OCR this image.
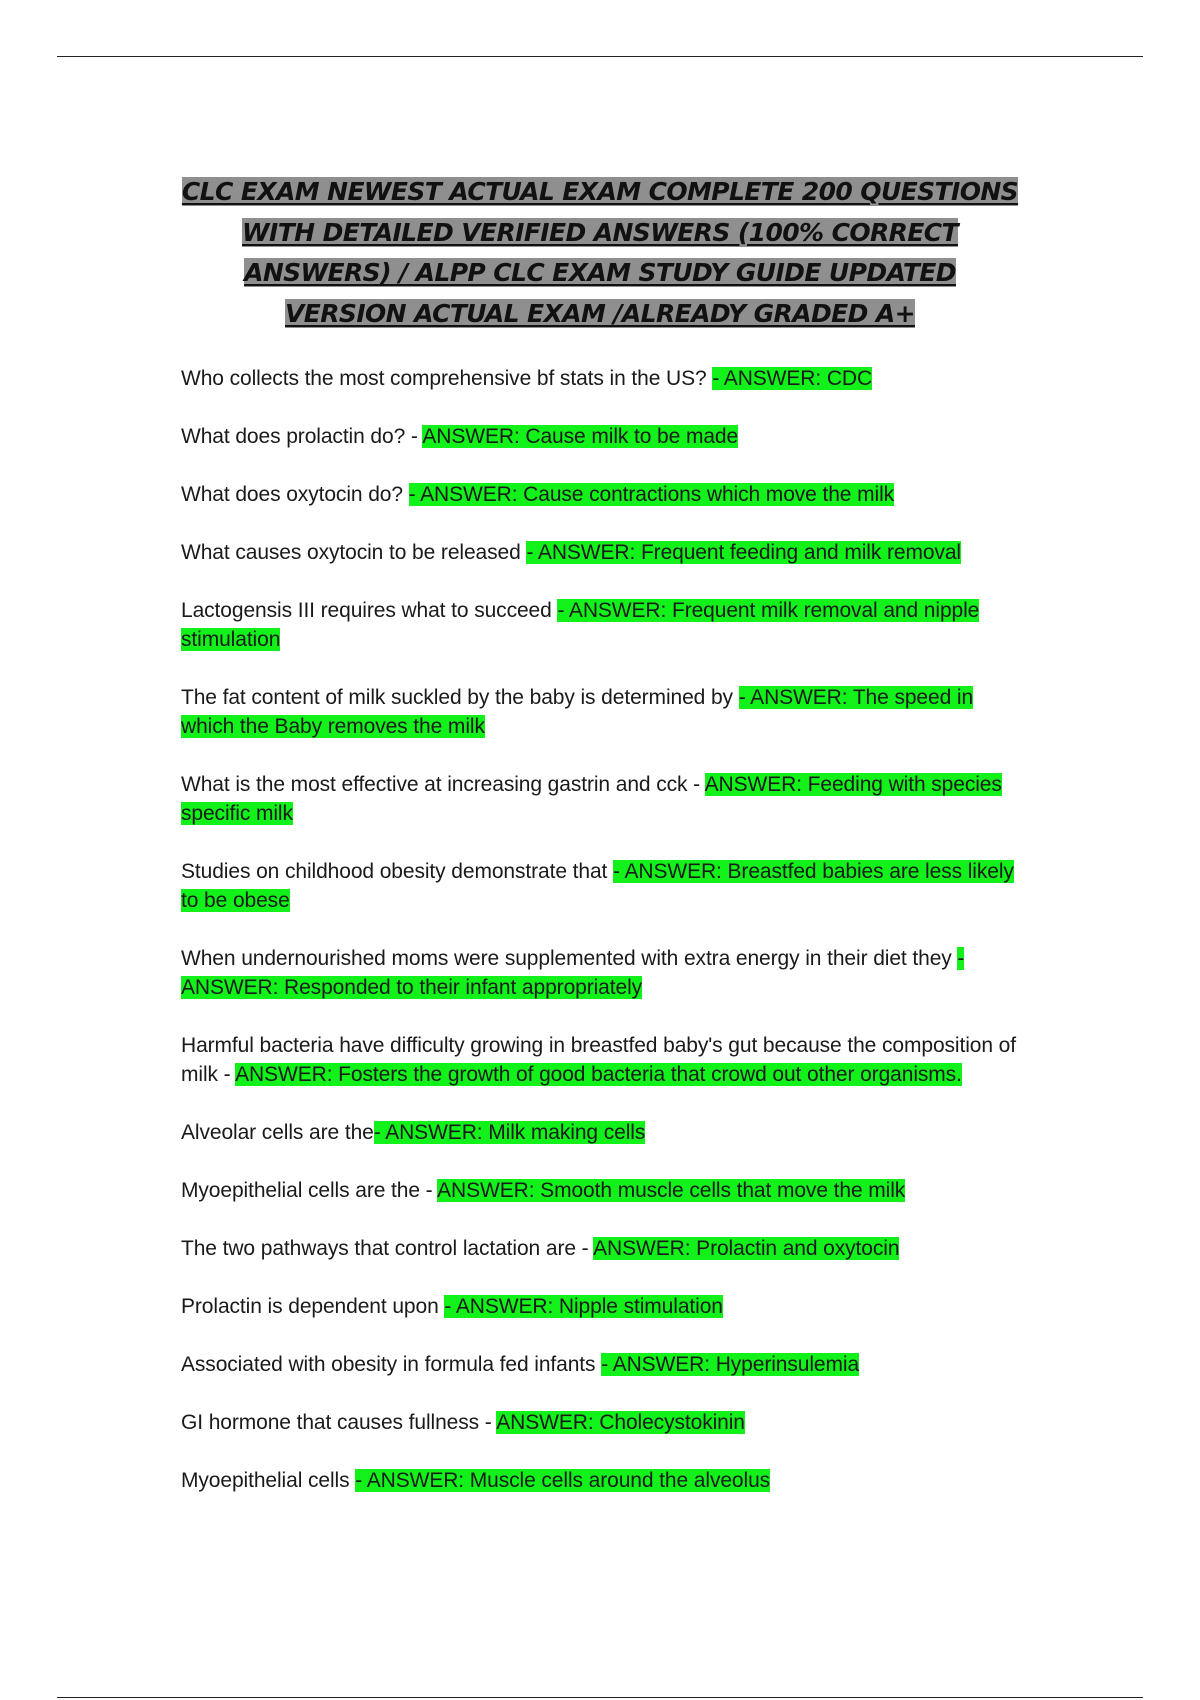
CLC EXAM NEWEST ACTUAL EXAM COMPLETE 200 QUESTIONS WITH DETAILED VERIFIED ANSWERS (100% CORRECT ANSWERS) / ALPP CLC EXAM STUDY GUIDE UPDATED VERSION ACTUAL EXAM /ALREADY GRADED A+

Who collects the most comprehensive bf stats in the US? - ANSWER: CDC

What does prolactin do? - ANSWER: Cause milk to be made

What does oxytocin do? - ANSWER: Cause contractions which move the milk

What causes oxytocin to be released - ANSWER: Frequent feeding and milk removal

Lactogensis III requires what to succeed - ANSWER: Frequent milk removal and nipple stimulation

The fat content of milk suckled by the baby is determined by - ANSWER: The speed in which the Baby removes the milk

What is the most effective at increasing gastrin and cck - ANSWER: Feeding with species specific milk

Studies on childhood obesity demonstrate that - ANSWER: Breastfed babies are less likely to be obese

When undernourished moms were supplemented with extra energy in their diet they - ANSWER: Responded to their infant appropriately

Harmful bacteria have difficulty growing in breastfed baby's gut because the composition of milk - ANSWER: Fosters the growth of good bacteria that crowd out other organisms.

Alveolar cells are the- ANSWER: Milk making cells

Myoepithelial cells are the - ANSWER: Smooth muscle cells that move the milk

The two pathways that control lactation are - ANSWER: Prolactin and oxytocin

Prolactin is dependent upon - ANSWER: Nipple stimulation

Associated with obesity in formula fed infants - ANSWER: Hyperinsulemia

GI hormone that causes fullness - ANSWER: Cholecystokinin

Myoepithelial cells - ANSWER: Muscle cells around the alveolus
